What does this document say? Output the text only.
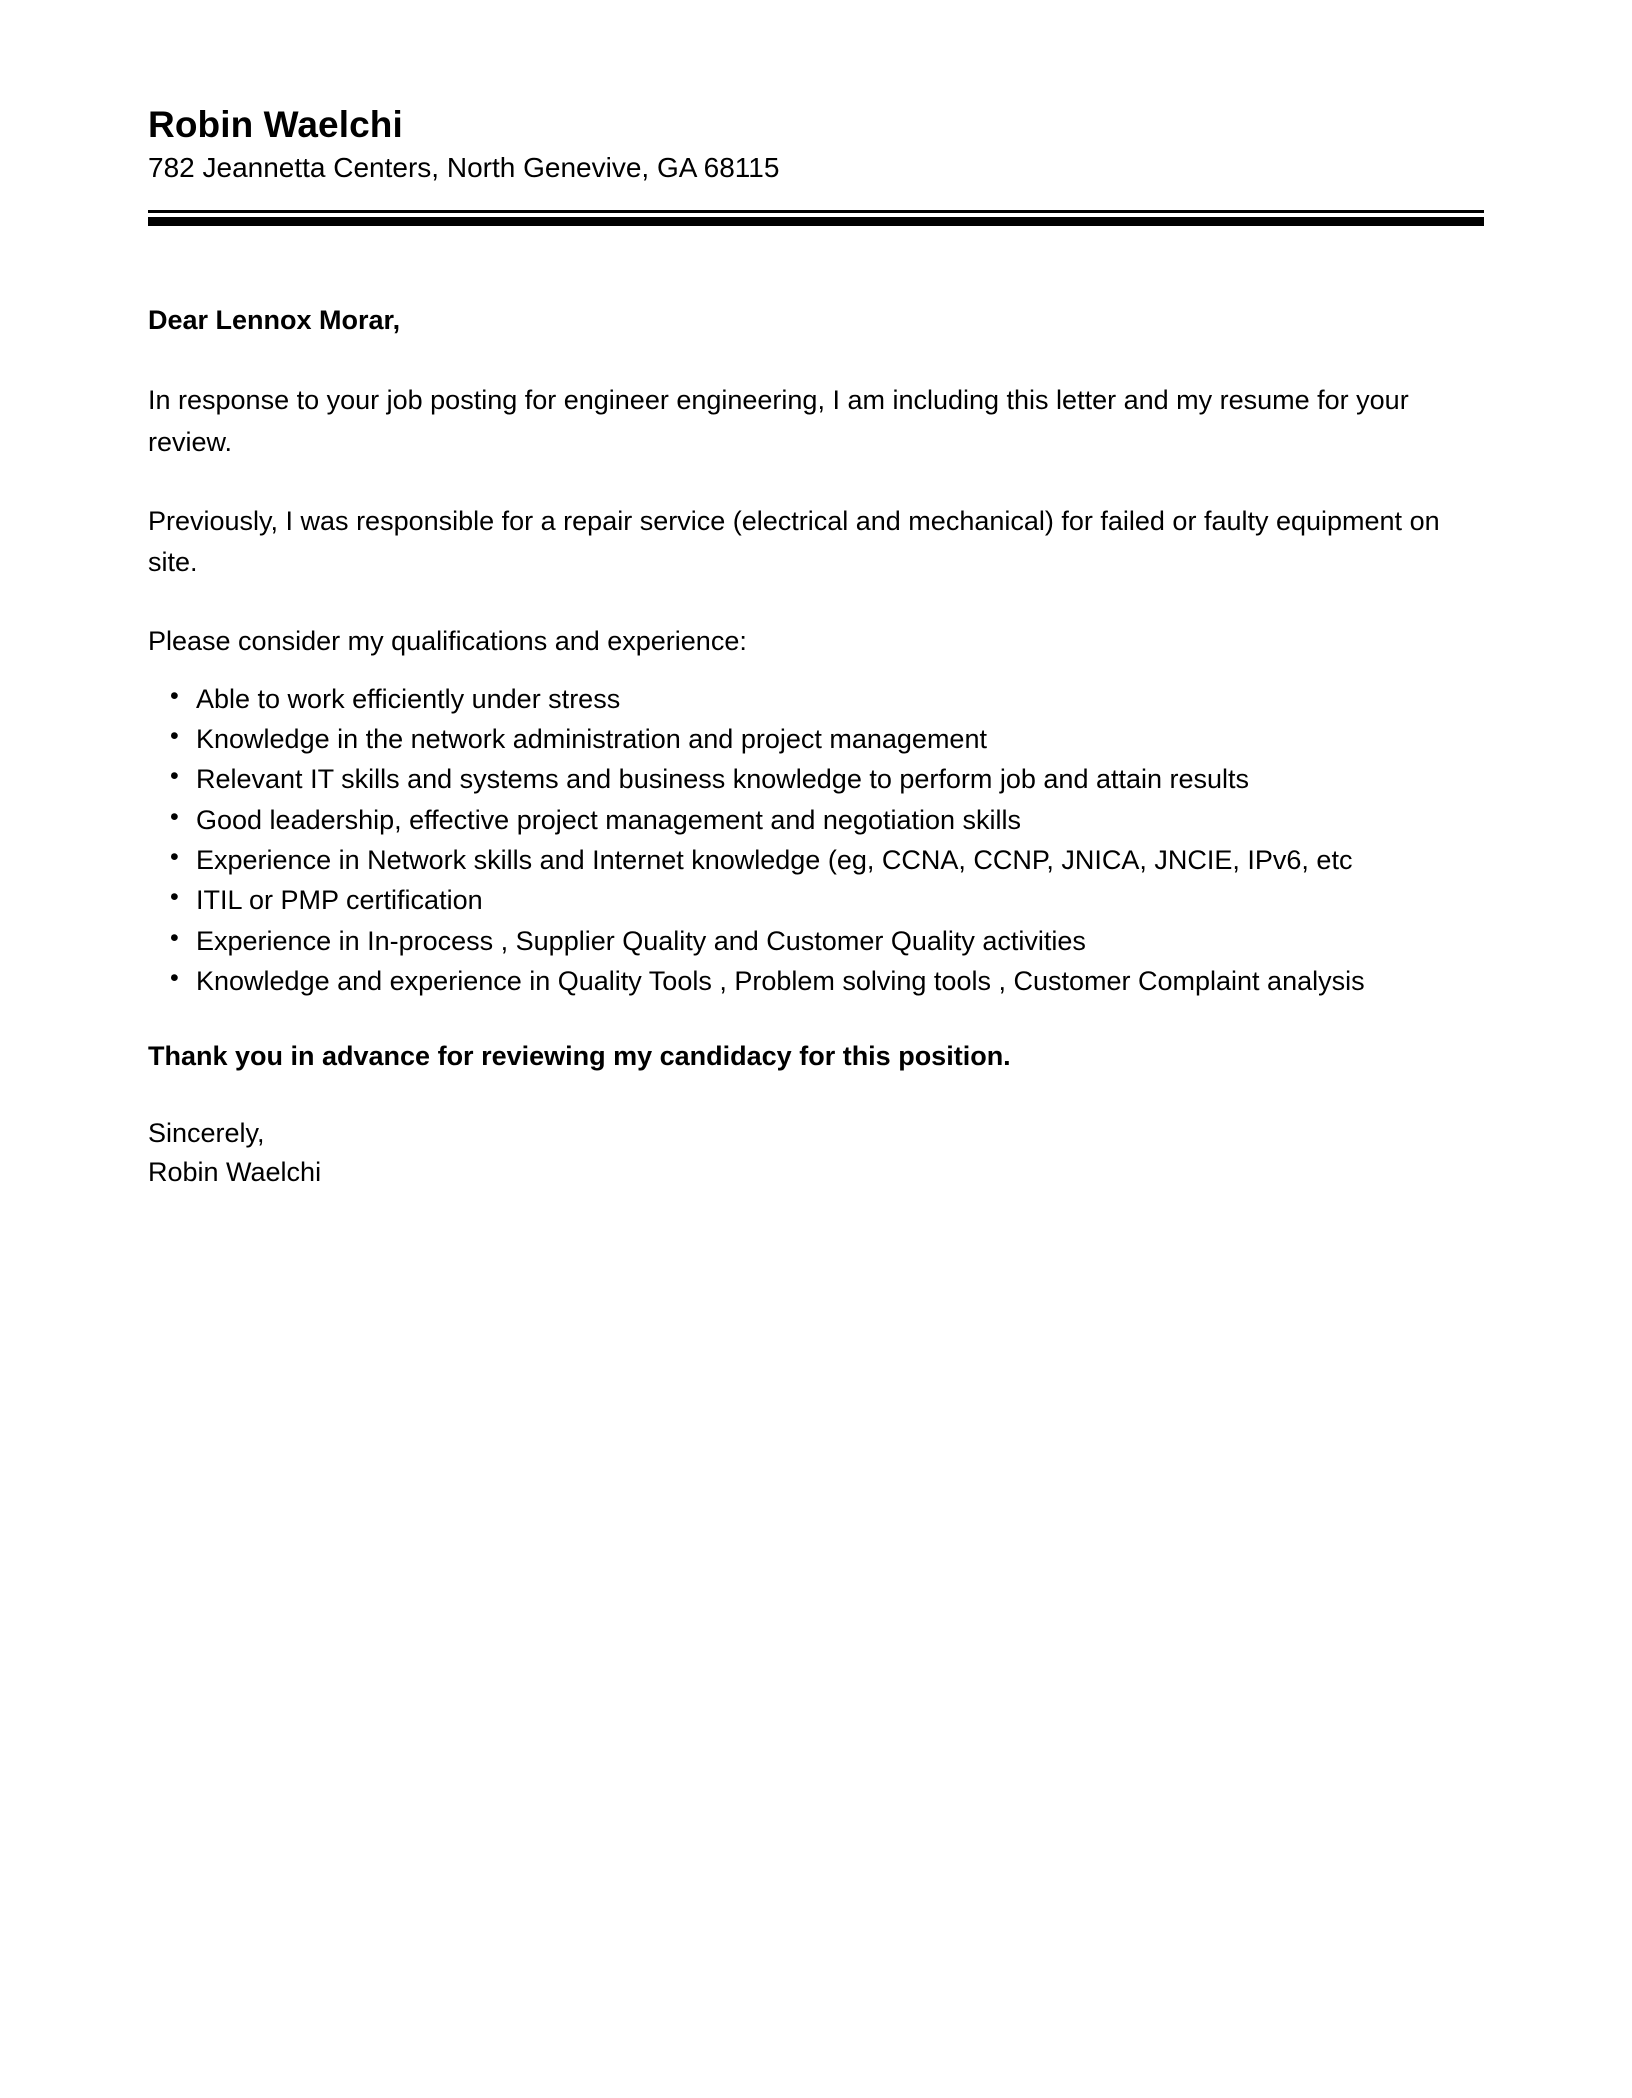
Robin Waelchi

782 Jeannetta Centers, North Genevive, GA 68115

Dear Lennox Morar,

In response to your job posting for engineer engineering, I am including this letter and my resume for your review.

Previously, I was responsible for a repair service (electrical and mechanical) for failed or faulty equipment on site.

Please consider my qualifications and experience:

• Able to work efficiently under stress
• Knowledge in the network administration and project management
• Relevant IT skills and systems and business knowledge to perform job and attain results
• Good leadership, effective project management and negotiation skills
• Experience in Network skills and Internet knowledge (eg, CCNA, CCNP, JNICA, JNCIE, IPv6, etc
• ITIL or PMP certification
• Experience in In-process , Supplier Quality and Customer Quality activities
• Knowledge and experience in Quality Tools , Problem solving tools , Customer Complaint analysis

Thank you in advance for reviewing my candidacy for this position.

Sincerely,
Robin Waelchi
